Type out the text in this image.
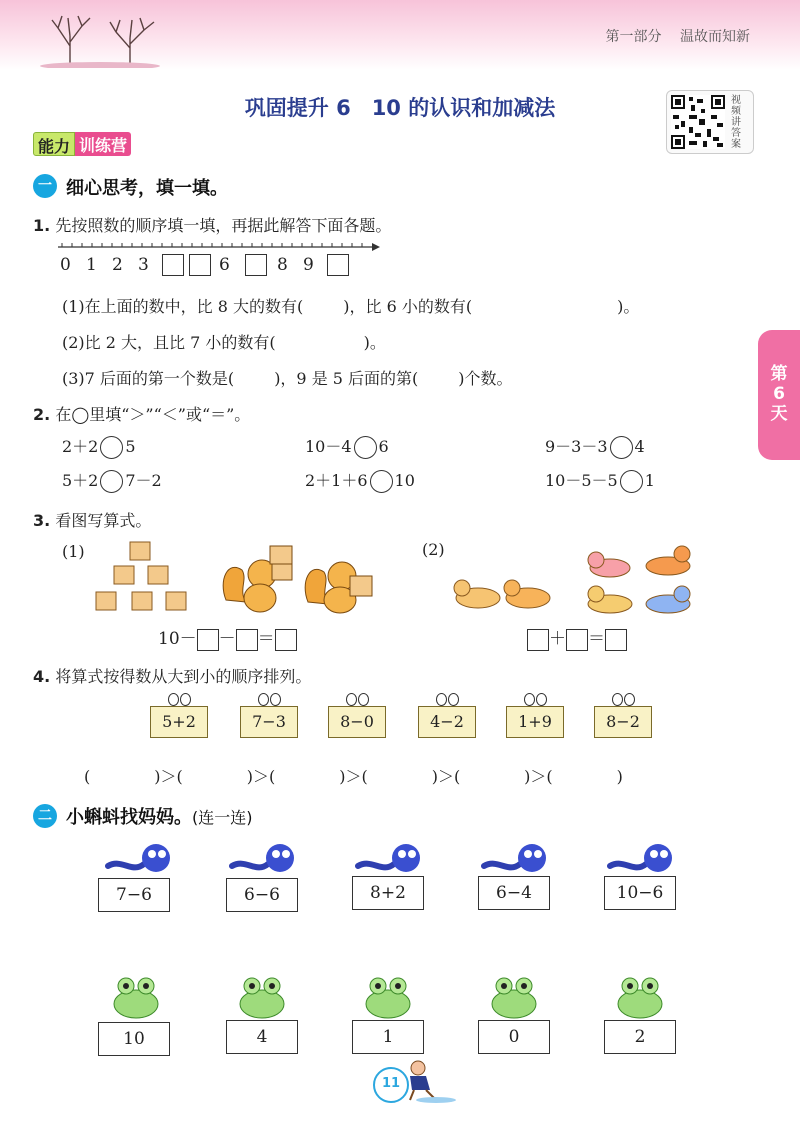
第一部分 温故而知新
巩固提升 6　10 的认识和加减法	视频讲答案
能力 训练营
一 细心思考，填一填。
1. 先按照数的顺序填一填，再据此解答下面各题。
0 1 2 3	6	8 9
(1)在上面的数中，比 8 大的数有(	)，比 6 小的数有(	)。
(2)比 2 大，且比 7 小的数有(	)。
(3)7 后面的第一个数是(	)，9 是 5 后面的第(	)个数。
2. 在◯里填“＞”“＜”或“＝”。
2＋2 5	10－4 6	9－3－3 4
5＋2 7－2	2＋1＋6 10	10－5－5 1
3. 看图写算式。
(1)	(2)
10－ － ＝	＋ ＝
4. 将算式按得数从大到小的顺序排列。
5+2	7−3	8−0	4−2	1+9	8−2
(　　　　)＞(　　　　)＞(　　　　)＞(　　　　)＞(　　　　)＞(　　　　)
二 小蝌蚪找妈妈。(连一连)
7−6	6−6	8+2	6−4	10−6
10	4	1	0	2
第
6
天
11
